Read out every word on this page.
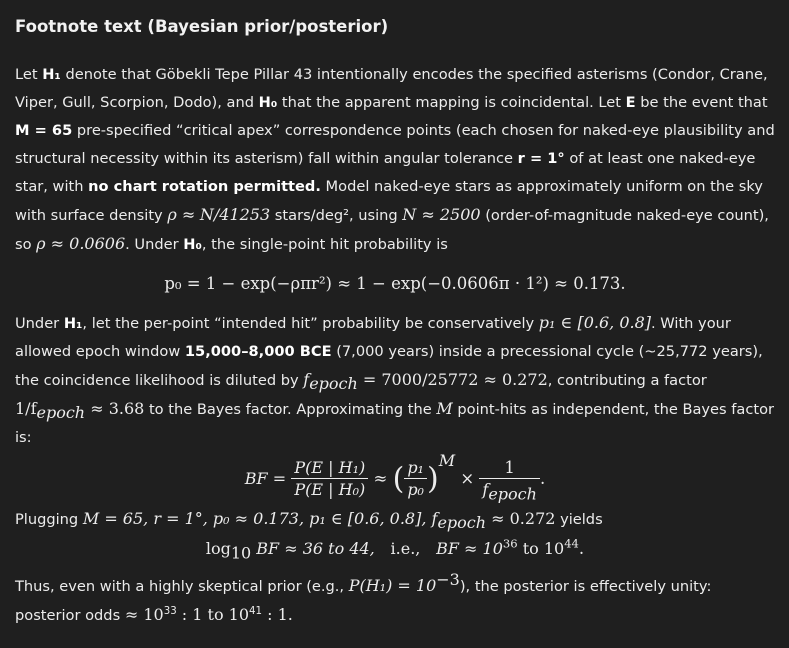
Footnote text (Bayesian prior/posterior)

Let H₁ denote that Göbekli Tepe Pillar 43 intentionally encodes the specified asterisms (Condor, Crane, Viper, Gull, Scorpion, Dodo), and H₀ that the apparent mapping is coincidental. Let E be the event that M = 65 pre-specified “critical apex” correspondence points (each chosen for naked-eye plausibility and structural necessity within its asterism) fall within angular tolerance r = 1° of at least one naked-eye star, with no chart rotation permitted. Model naked-eye stars as approximately uniform on the sky with surface density ρ ≈ N/41253 stars/deg², using N ≈ 2500 (order-of-magnitude naked-eye count), so ρ ≈ 0.0606. Under H₀, the single-point hit probability is

p₀ = 1 − exp(−ρπr²) ≈ 1 − exp(−0.0606π · 1²) ≈ 0.173.

Under H₁, let the per-point “intended hit” probability be conservatively p₁ ∈ [0.6, 0.8]. With your allowed epoch window 15,000–8,000 BCE (7,000 years) inside a precessional cycle (~25,772 years), the coincidence likelihood is diluted by $f_{epoch} = 7000/25772 \approx 0.272$, contributing a factor $1/f_{epoch} \approx 3.68$ to the Bayes factor. Approximating the M point-hits as independent, the Bayes factor is:

BF = $\frac{\text{P(E | H₁)}}{\text{P(E | H₀)}}$ ≈ ( $\frac{\text{p₁}}{\text{p₀}} )^M \times \frac{1}{f_{epoch}}$ .

Plugging M = 65, r = 1°, p₀ ≈ 0.173, p₁ ∈ [0.6, 0.8], $f_{epoch} \approx 0.272$ yields

$\log_{10}$ BF ≈ 36 to 44, i.e., BF ≈ $10^{36}$ to $10^{44}$.

Thus, even with a highly skeptical prior (e.g., $P(H_1) = 10^{-3}$), the posterior is effectively unity: posterior odds ≈ $10^{33}$ : 1 to $10^{41}$ : 1.
